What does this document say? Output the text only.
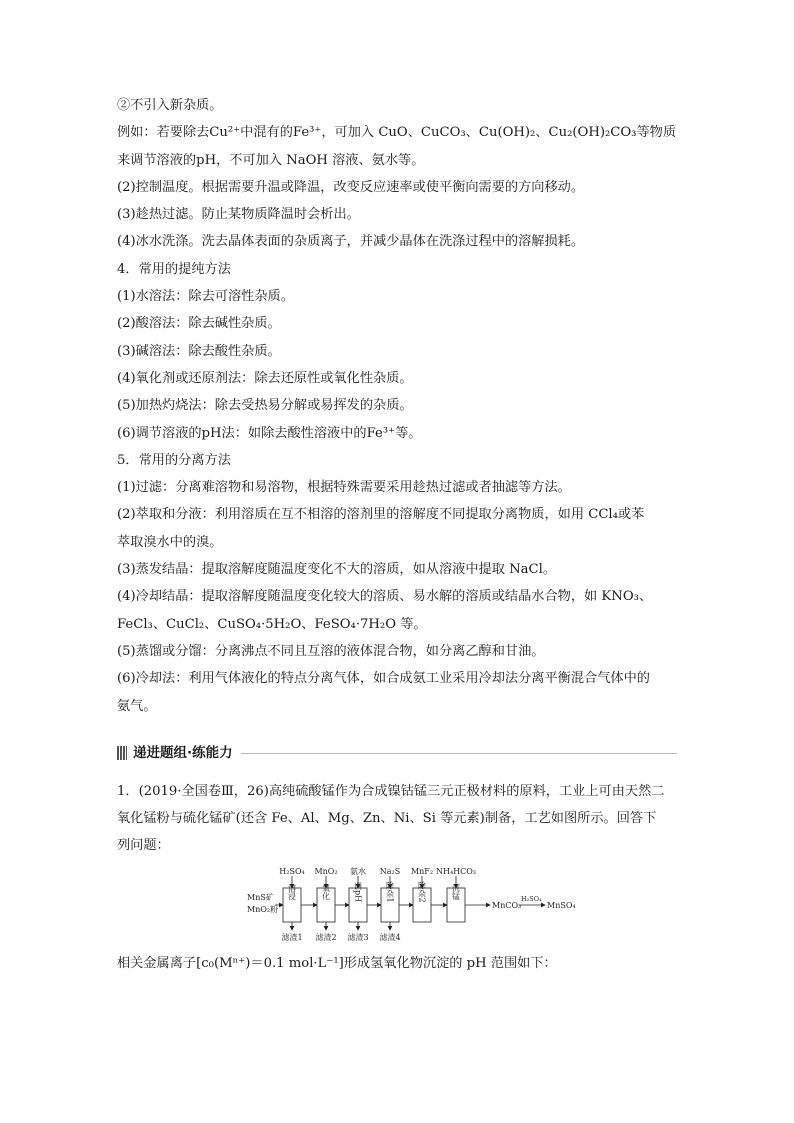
②不引入新杂质。

例如：若要除去Cu²⁺中混有的Fe³⁺，可加入 CuO、CuCO₃、Cu(OH)₂、Cu₂(OH)₂CO₃等物质

来调节溶液的pH，不可加入 NaOH 溶液、氨水等。

(2)控制温度。根据需要升温或降温，改变反应速率或使平衡向需要的方向移动。

(3)趁热过滤。防止某物质降温时会析出。

(4)冰水洗涤。洗去晶体表面的杂质离子，并减少晶体在洗涤过程中的溶解损耗。

4．常用的提纯方法

(1)水溶法：除去可溶性杂质。

(2)酸溶法：除去碱性杂质。

(3)碱溶法：除去酸性杂质。

(4)氧化剂或还原剂法：除去还原性或氧化性杂质。

(5)加热灼烧法：除去受热易分解或易挥发的杂质。

(6)调节溶液的pH法：如除去酸性溶液中的Fe³⁺等。

5．常用的分离方法

(1)过滤：分离难溶物和易溶物，根据特殊需要采用趁热过滤或者抽滤等方法。

(2)萃取和分液：利用溶质在互不相溶的溶剂里的溶解度不同提取分离物质，如用 CCl₄或苯

萃取溴水中的溴。

(3)蒸发结晶：提取溶解度随温度变化不大的溶质，如从溶液中提取 NaCl。

(4)冷却结晶：提取溶解度随温度变化较大的溶质、易水解的溶质或结晶水合物，如 KNO₃、

FeCl₃、CuCl₂、CuSO₄·5H₂O、FeSO₄·7H₂O 等。

(5)蒸馏或分馏：分离沸点不同且互溶的液体混合物，如分离乙醇和甘油。

(6)冷却法：利用气体液化的特点分离气体，如合成氨工业采用冷却法分离平衡混合气体中的

氨气。

递进题组·练能力

1．(2019·全国卷Ⅲ，26)高纯硫酸锰作为合成镍钴锰三元正极材料的原料，工业上可由天然二

氧化锰粉与硫化锰矿(还含 Fe、Al、Mg、Zn、Ni、Si 等元素)制备，工艺如图所示。回答下

列问题：

MnS矿
MnO₂粉
溶浸
H₂SO₄
滤渣1
氧化
MnO₂
滤渣2
调pH
氨水
滤渣3
除杂1
Na₂S
滤渣4
除杂2
MnF₂
沉锰
NH₄HCO₃
MnCO₃
H₂SO₄
MnSO₄

相关金属离子[c₀(Mⁿ⁺)＝0.1 mol·L⁻¹]形成氢氧化物沉淀的 pH 范围如下：
